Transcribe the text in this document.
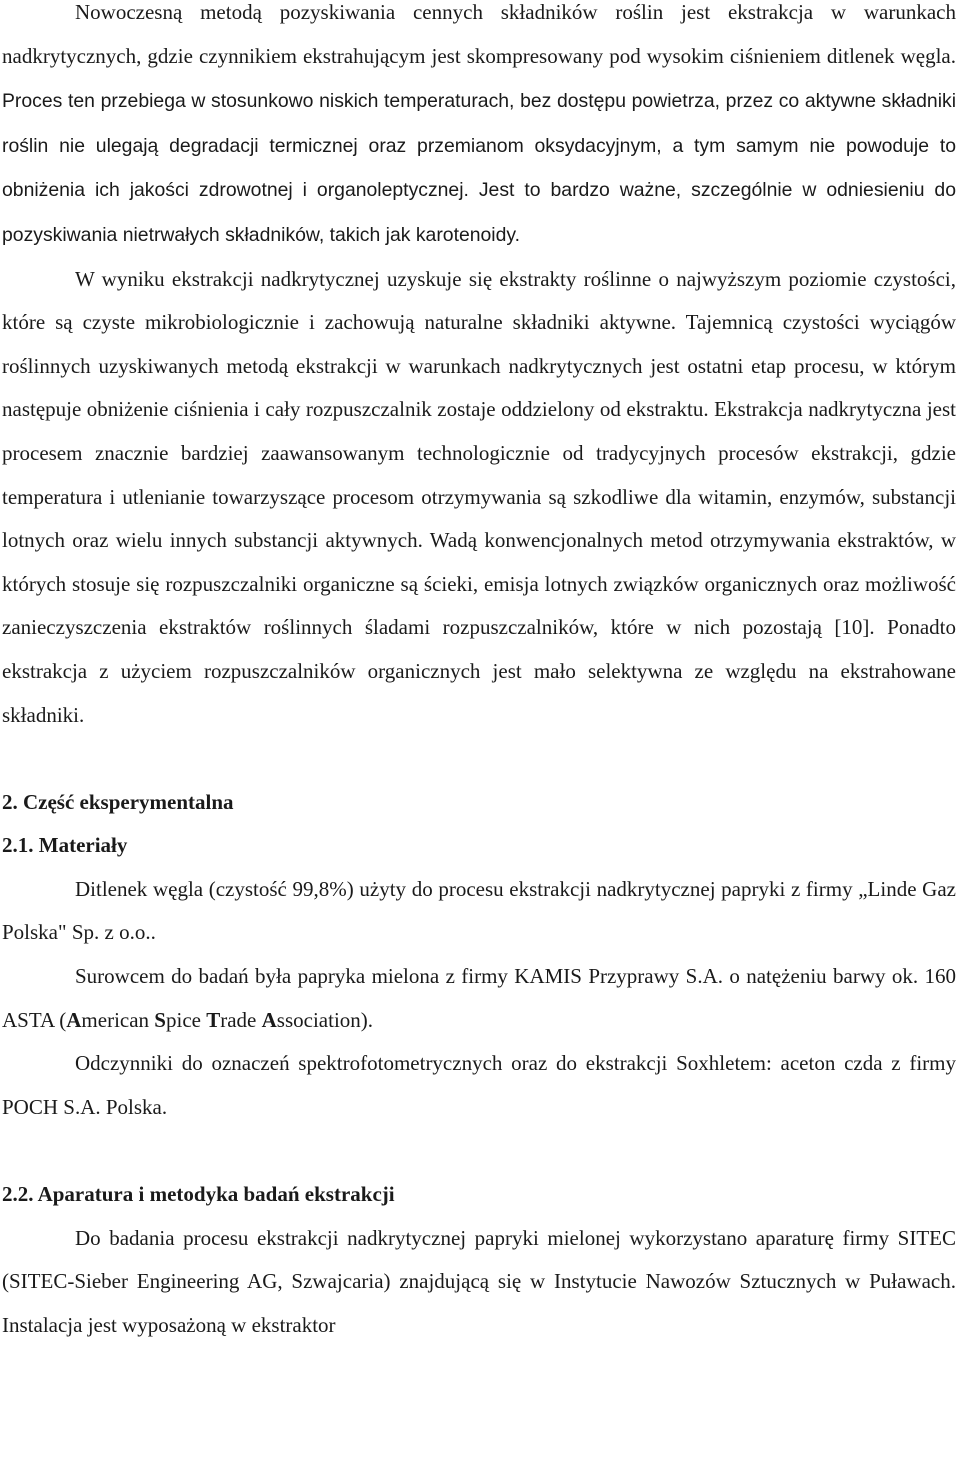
Nowoczesną metodą pozyskiwania cennych składników roślin jest ekstrakcja w warunkach nadkrytycznych, gdzie czynnikiem ekstrahującym jest skompresowany pod wysokim ciśnieniem ditlenek węgla. Proces ten przebiega w stosunkowo niskich temperaturach, bez dostępu powietrza, przez co aktywne składniki roślin nie ulegają degradacji termicznej oraz przemianom oksydacyjnym, a tym samym nie powoduje to obniżenia ich jakości zdrowotnej i organoleptycznej. Jest to bardzo ważne, szczególnie w odniesieniu do pozyskiwania nietrwałych składników, takich jak karotenoidy.

W wyniku ekstrakcji nadkrytycznej uzyskuje się ekstrakty roślinne o najwyższym poziomie czystości, które są czyste mikrobiologicznie i zachowują naturalne składniki aktywne. Tajemnicą czystości wyciągów roślinnych uzyskiwanych metodą ekstrakcji w warunkach nadkrytycznych jest ostatni etap procesu, w którym następuje obniżenie ciśnienia i cały rozpuszczalnik zostaje oddzielony od ekstraktu. Ekstrakcja nadkrytyczna jest procesem znacznie bardziej zaawansowanym technologicznie od tradycyjnych procesów ekstrakcji, gdzie temperatura i utlenianie towarzyszące procesom otrzymywania są szkodliwe dla witamin, enzymów, substancji lotnych oraz wielu innych substancji aktywnych. Wadą konwencjonalnych metod otrzymywania ekstraktów, w których stosuje się rozpuszczalniki organiczne są ścieki, emisja lotnych związków organicznych oraz możliwość zanieczyszczenia ekstraktów roślinnych śladami rozpuszczalników, które w nich pozostają [10]. Ponadto ekstrakcja z użyciem rozpuszczalników organicznych jest mało selektywna ze względu na ekstrahowane składniki.

2. Część eksperymentalna
2.1. Materiały

Ditlenek węgla (czystość 99,8%) użyty do procesu ekstrakcji nadkrytycznej papryki z firmy „Linde Gaz Polska" Sp. z o.o..

Surowcem do badań była papryka mielona z firmy KAMIS Przyprawy S.A. o natężeniu barwy ok. 160 ASTA (American Spice Trade Association).

Odczynniki do oznaczeń spektrofotometrycznych oraz do ekstrakcji Soxhletem: aceton czda z firmy POCH S.A. Polska.

2.2. Aparatura i metodyka badań ekstrakcji

Do badania procesu ekstrakcji nadkrytycznej papryki mielonej wykorzystano aparaturę firmy SITEC (SITEC-Sieber Engineering AG, Szwajcaria) znajdującą się w Instytucie Nawozów Sztucznych w Puławach. Instalacja jest wyposażoną w ekstraktor
